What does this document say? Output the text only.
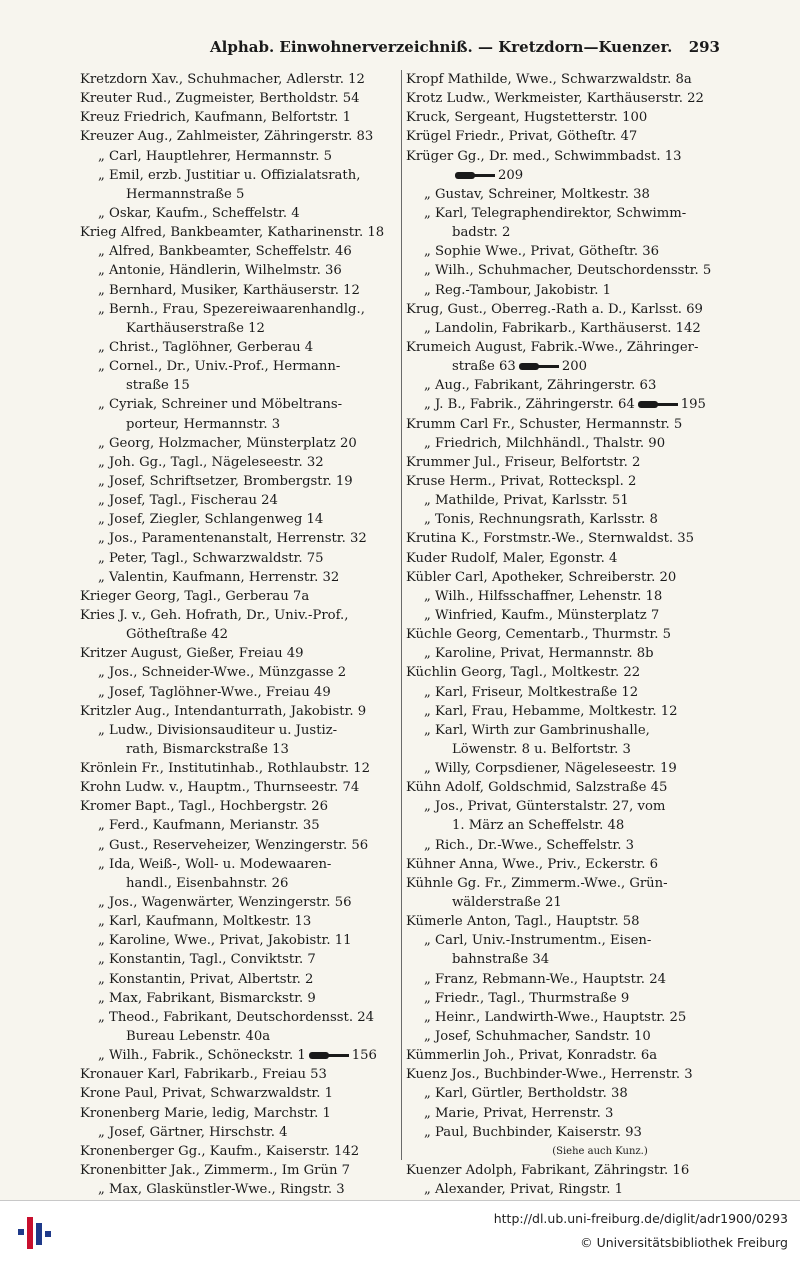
Alphab. Einwohnerverzeichniß. — Kretzdorn—Kuenzer. 293
Kretzdorn Xav., Schuhmacher, Adlerstr. 12
Kreuter Rud., Zugmeister, Bertholdstr. 54
Kreuz Friedrich, Kaufmann, Belfortstr. 1
Kreuzer Aug., Zahlmeister, Zähringerstr. 83
„ Carl, Hauptlehrer, Hermannstr. 5
„ Emil, erzb. Justitiar u. Offizialatsrath,
Hermannstraße 5
„ Oskar, Kaufm., Scheffelstr. 4
Krieg Alfred, Bankbeamter, Katharinenstr. 18
„ Alfred, Bankbeamter, Scheffelstr. 46
„ Antonie, Händlerin, Wilhelmstr. 36
„ Bernhard, Musiker, Karthäuserstr. 12
„ Bernh., Frau, Spezereiwaarenhandlg.,
Karthäuserstraße 12
„ Christ., Taglöhner, Gerberau 4
„ Cornel., Dr., Univ.-Prof., Hermann-
straße 15
„ Cyriak, Schreiner und Möbeltrans-
porteur, Hermannstr. 3
„ Georg, Holzmacher, Münsterplatz 20
„ Joh. Gg., Tagl., Nägeleseestr. 32
„ Josef, Schriftsetzer, Brombergstr. 19
„ Josef, Tagl., Fischerau 24
„ Josef, Ziegler, Schlangenweg 14
„ Jos., Paramentenanstalt, Herrenstr. 32
„ Peter, Tagl., Schwarzwaldstr. 75
„ Valentin, Kaufmann, Herrenstr. 32
Krieger Georg, Tagl., Gerberau 7a
Kries J. v., Geh. Hofrath, Dr., Univ.-Prof.,
Götheſtraße 42
Kritzer August, Gießer, Freiau 49
„ Jos., Schneider-Wwe., Münzgasse 2
„ Josef, Taglöhner-Wwe., Freiau 49
Kritzler Aug., Intendanturrath, Jakobistr. 9
„ Ludw., Divisionsauditeur u. Justiz-
rath, Bismarckstraße 13
Krönlein Fr., Institutinhab., Rothlaubstr. 12
Krohn Ludw. v., Hauptm., Thurnseestr. 74
Kromer Bapt., Tagl., Hochbergstr. 26
„ Ferd., Kaufmann, Merianstr. 35
„ Gust., Reserveheizer, Wenzingerstr. 56
„ Ida, Weiß-, Woll- u. Modewaaren-
handl., Eisenbahnstr. 26
„ Jos., Wagenwärter, Wenzingerstr. 56
„ Karl, Kaufmann, Moltkestr. 13
„ Karoline, Wwe., Privat, Jakobistr. 11
„ Konstantin, Tagl., Conviktstr. 7
„ Konstantin, Privat, Albertstr. 2
„ Max, Fabrikant, Bismarckstr. 9
„ Theod., Fabrikant, Deutschordensst. 24
Bureau Lebenstr. 40a
„ Wilh., Fabrik., Schöneckstr. 1	156
Kronauer Karl, Fabrikarb., Freiau 53
Krone Paul, Privat, Schwarzwaldstr. 1
Kronenberg Marie, ledig, Marchstr. 1
„ Josef, Gärtner, Hirschstr. 4
Kronenberger Gg., Kaufm., Kaiserstr. 142
Kronenbitter Jak., Zimmerm., Im Grün 7
„ Max, Glaskünstler-Wwe., Ringstr. 3
Kropf Mathilde, Wwe., Schwarzwaldstr. 8a
Krotz Ludw., Werkmeister, Karthäuserstr. 22
Kruck, Sergeant, Hugstetterstr. 100
Krügel Friedr., Privat, Götheſtr. 47
Krüger Gg., Dr. med., Schwimmbadst. 13
209
„ Gustav, Schreiner, Moltkestr. 38
„ Karl, Telegraphendirektor, Schwimm-
badstr. 2
„ Sophie Wwe., Privat, Götheſtr. 36
„ Wilh., Schuhmacher, Deutschordensstr. 5
„ Reg.-Tambour, Jakobistr. 1
Krug, Gust., Oberreg.-Rath a. D., Karlsst. 69
„ Landolin, Fabrikarb., Karthäuserst. 142
Krumeich August, Fabrik.-Wwe., Zähringer-
straße 63	200
„ Aug., Fabrikant, Zähringerstr. 63
„ J. B., Fabrik., Zähringerstr. 64	195
Krumm Carl Fr., Schuster, Hermannstr. 5
„ Friedrich, Milchhändl., Thalstr. 90
Krummer Jul., Friseur, Belfortstr. 2
Kruse Herm., Privat, Rotteckspl. 2
„ Mathilde, Privat, Karlsstr. 51
„ Tonis, Rechnungsrath, Karlsstr. 8
Krutina K., Forstmstr.-We., Sternwaldst. 35
Kuder Rudolf, Maler, Egonstr. 4
Kübler Carl, Apotheker, Schreiberstr. 20
„ Wilh., Hilfsschaffner, Lehenstr. 18
„ Winfried, Kaufm., Münsterplatz 7
Küchle Georg, Cementarb., Thurmstr. 5
„ Karoline, Privat, Hermannstr. 8b
Küchlin Georg, Tagl., Moltkestr. 22
„ Karl, Friseur, Moltkestraße 12
„ Karl, Frau, Hebamme, Moltkestr. 12
„ Karl, Wirth zur Gambrinushalle,
Löwenstr. 8 u. Belfortstr. 3
„ Willy, Corpsdiener, Nägeleseestr. 19
Kühn Adolf, Goldschmid, Salzstraße 45
„ Jos., Privat, Günterstalstr. 27, vom
1. März an Scheffelstr. 48
„ Rich., Dr.-Wwe., Scheffelstr. 3
Kühner Anna, Wwe., Priv., Eckerstr. 6
Kühnle Gg. Fr., Zimmerm.-Wwe., Grün-
wälderstraße 21
Kümerle Anton, Tagl., Hauptstr. 58
„ Carl, Univ.-Instrumentm., Eisen-
bahnstraße 34
„ Franz, Rebmann-We., Hauptstr. 24
„ Friedr., Tagl., Thurmstraße 9
„ Heinr., Landwirth-Wwe., Hauptstr. 25
„ Josef, Schuhmacher, Sandstr. 10
Kümmerlin Joh., Privat, Konradstr. 6a
Kuenz Jos., Buchbinder-Wwe., Herrenstr. 3
„ Karl, Gürtler, Bertholdstr. 38
„ Marie, Privat, Herrenstr. 3
„ Paul, Buchbinder, Kaiserstr. 93
(Siehe auch Kunz.)
Kuenzer Adolph, Fabrikant, Zähringstr. 16
„ Alexander, Privat, Ringstr. 1
http://dl.ub.uni-freiburg.de/diglit/adr1900/0293
© Universitätsbibliothek Freiburg
